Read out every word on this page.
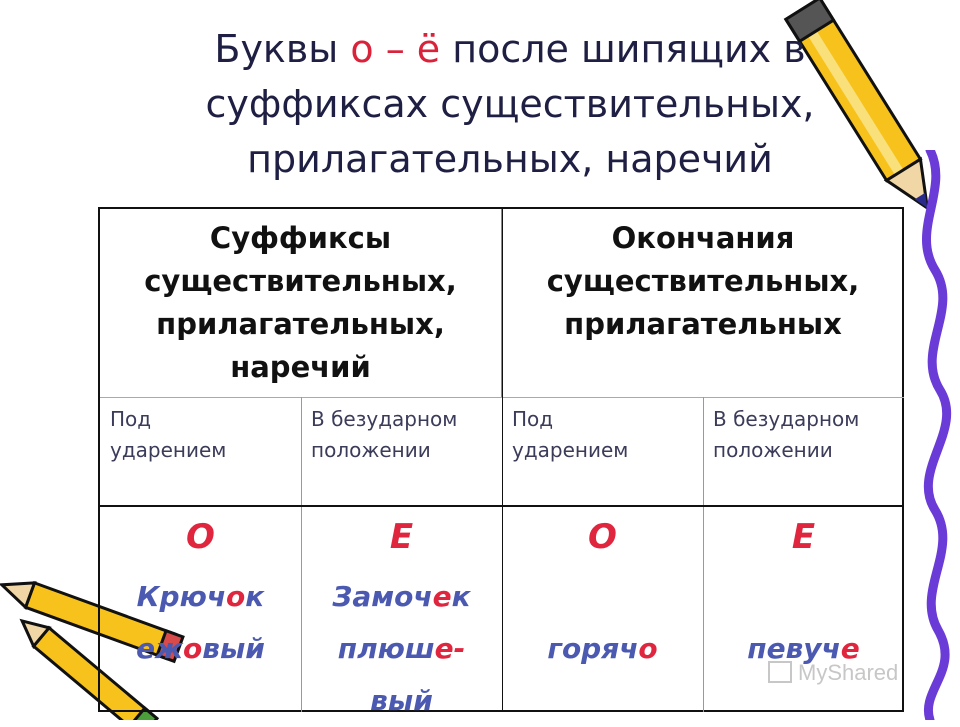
Буквы о – ё после шипящих в
суффиксах существительных,
прилагательных, наречий
Суффиксы
существительных,
прилагательных,
наречий
Окончания
существительных,
прилагательных
Под
ударением
В безударном
положении
Под
ударением
В безударном
положении
О
Крючок
ежовый
Е
Замочек
плюше-
вый
О
горячо
Е
певуче
MyShared
